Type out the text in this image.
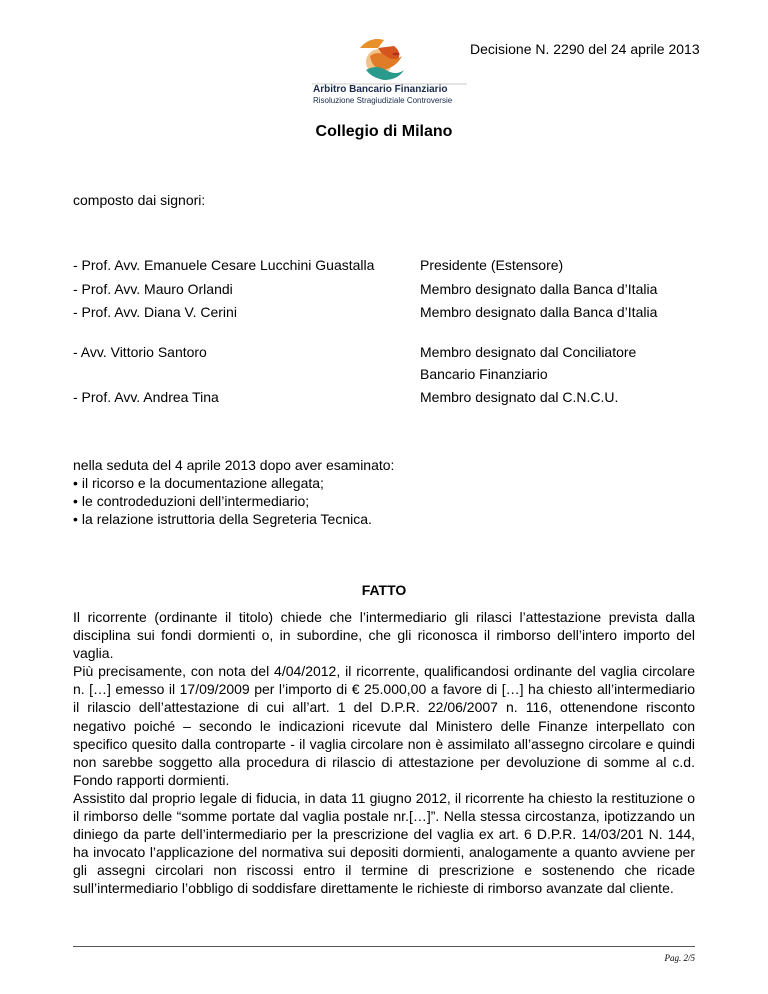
Decisione N. 2290 del 24 aprile 2013
Arbitro Bancario Finanziario
Risoluzione Stragiudiziale Controversie
Collegio di Milano
composto dai signori:
- Prof. Avv. Emanuele Cesare Lucchini Guastalla	Presidente (Estensore)
- Prof. Avv. Mauro Orlandi	Membro designato dalla Banca d’Italia
- Prof. Avv. Diana V. Cerini	Membro designato dalla Banca d’Italia
- Avv. Vittorio Santoro	Membro designato dal Conciliatore
Bancario Finanziario
- Prof. Avv. Andrea Tina	Membro designato dal C.N.C.U.
nella seduta del 4 aprile 2013 dopo aver esaminato:
• il ricorso e la documentazione allegata;
• le controdeduzioni dell’intermediario;
• la relazione istruttoria della Segreteria Tecnica.
FATTO

Il ricorrente (ordinante il titolo) chiede che l’intermediario gli rilasci l’attestazione prevista dalla disciplina sui fondi dormienti o, in subordine, che gli riconosca il rimborso dell’intero importo del vaglia.

Più precisamente, con nota del 4/04/2012, il ricorrente, qualificandosi ordinante del vaglia circolare n. […] emesso il 17/09/2009 per l’importo di € 25.000,00 a favore di […] ha chiesto all’intermediario il rilascio dell’attestazione di cui all’art. 1 del D.P.R. 22/06/2007 n. 116, ottenendone risconto negativo poiché – secondo le indicazioni ricevute dal Ministero delle Finanze interpellato con specifico quesito dalla controparte - il vaglia circolare non è assimilato all’assegno circolare e quindi non sarebbe soggetto alla procedura di rilascio di attestazione per devoluzione di somme al c.d. Fondo rapporti dormienti.

Assistito dal proprio legale di fiducia, in data 11 giugno 2012, il ricorrente ha chiesto la restituzione o il rimborso delle “somme portate dal vaglia postale nr.[…]”. Nella stessa circostanza, ipotizzando un diniego da parte dell’intermediario per la prescrizione del vaglia ex art. 6 D.P.R. 14/03/201 N. 144, ha invocato l’applicazione del normativa sui depositi dormienti, analogamente a quanto avviene per gli assegni circolari non riscossi entro il termine di prescrizione e sostenendo che ricade sull’intermediario l’obbligo di soddisfare direttamente le richieste di rimborso avanzate dal cliente.

Pag. 2/5
